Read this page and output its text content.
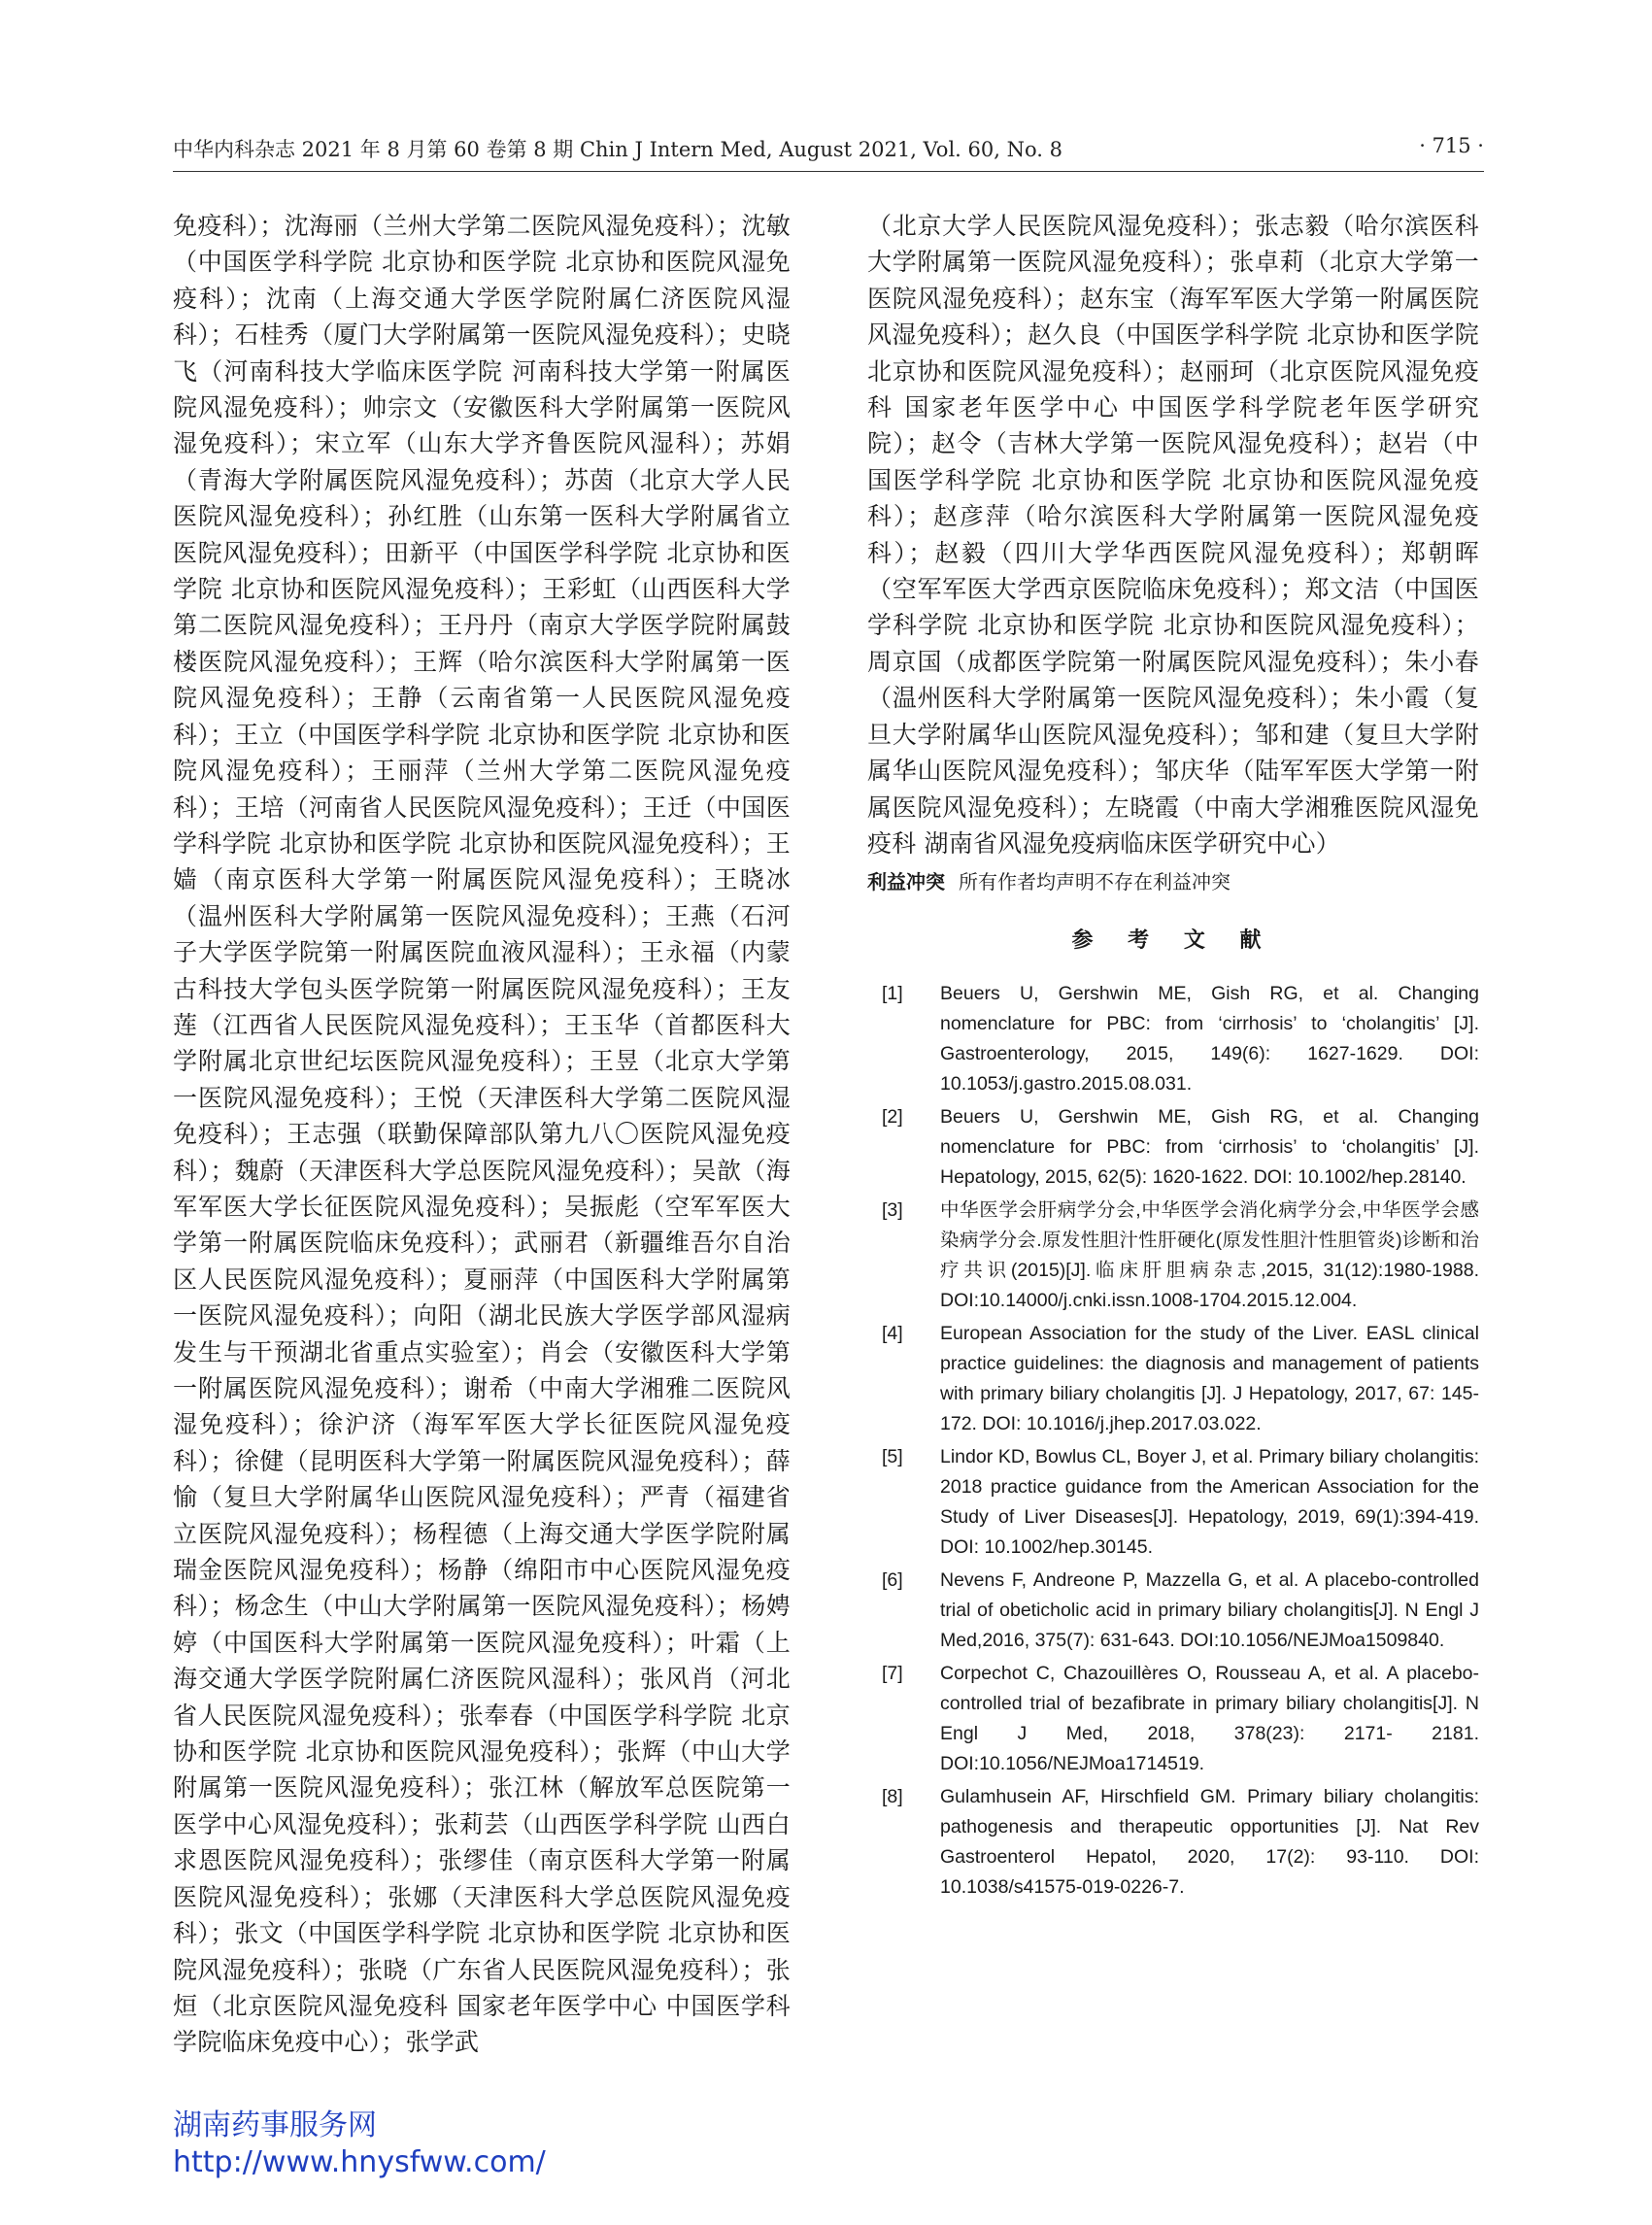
中华内科杂志 2021 年 8 月第 60 卷第 8 期 Chin J Intern Med, August 2021, Vol. 60, No. 8	· 715 ·
免疫科）；沈海丽（兰州大学第二医院风湿免疫科）；沈敏（中国医学科学院 北京协和医学院 北京协和医院风湿免疫科）；沈南（上海交通大学医学院附属仁济医院风湿科）；石桂秀（厦门大学附属第一医院风湿免疫科）；史晓飞（河南科技大学临床医学院 河南科技大学第一附属医院风湿免疫科）；帅宗文（安徽医科大学附属第一医院风湿免疫科）；宋立军（山东大学齐鲁医院风湿科）；苏娟（青海大学附属医院风湿免疫科）；苏茵（北京大学人民医院风湿免疫科）；孙红胜（山东第一医科大学附属省立医院风湿免疫科）；田新平（中国医学科学院 北京协和医学院 北京协和医院风湿免疫科）；王彩虹（山西医科大学第二医院风湿免疫科）；王丹丹（南京大学医学院附属鼓楼医院风湿免疫科）；王辉（哈尔滨医科大学附属第一医院风湿免疫科）；王静（云南省第一人民医院风湿免疫科）；王立（中国医学科学院 北京协和医学院 北京协和医院风湿免疫科）；王丽萍（兰州大学第二医院风湿免疫科）；王培（河南省人民医院风湿免疫科）；王迁（中国医学科学院 北京协和医学院 北京协和医院风湿免疫科）；王嫱（南京医科大学第一附属医院风湿免疫科）；王晓冰（温州医科大学附属第一医院风湿免疫科）；王燕（石河子大学医学院第一附属医院血液风湿科）；王永福（内蒙古科技大学包头医学院第一附属医院风湿免疫科）；王友莲（江西省人民医院风湿免疫科）；王玉华（首都医科大学附属北京世纪坛医院风湿免疫科）；王昱（北京大学第一医院风湿免疫科）；王悦（天津医科大学第二医院风湿免疫科）；王志强（联勤保障部队第九八〇医院风湿免疫科）；魏蔚（天津医科大学总医院风湿免疫科）；吴歆（海军军医大学长征医院风湿免疫科）；吴振彪（空军军医大学第一附属医院临床免疫科）；武丽君（新疆维吾尔自治区人民医院风湿免疫科）；夏丽萍（中国医科大学附属第一医院风湿免疫科）；向阳（湖北民族大学医学部风湿病发生与干预湖北省重点实验室）；肖会（安徽医科大学第一附属医院风湿免疫科）；谢希（中南大学湘雅二医院风湿免疫科）；徐沪济（海军军医大学长征医院风湿免疫科）；徐健（昆明医科大学第一附属医院风湿免疫科）；薛愉（复旦大学附属华山医院风湿免疫科）；严青（福建省立医院风湿免疫科）；杨程德（上海交通大学医学院附属瑞金医院风湿免疫科）；杨静（绵阳市中心医院风湿免疫科）；杨念生（中山大学附属第一医院风湿免疫科）；杨娉婷（中国医科大学附属第一医院风湿免疫科）；叶霜（上海交通大学医学院附属仁济医院风湿科）；张风肖（河北省人民医院风湿免疫科）；张奉春（中国医学科学院 北京协和医学院 北京协和医院风湿免疫科）；张辉（中山大学附属第一医院风湿免疫科）；张江林（解放军总医院第一医学中心风湿免疫科）；张莉芸（山西医学科学院 山西白求恩医院风湿免疫科）；张缪佳（南京医科大学第一附属医院风湿免疫科）；张娜（天津医科大学总医院风湿免疫科）；张文（中国医学科学院 北京协和医学院 北京协和医院风湿免疫科）；张晓（广东省人民医院风湿免疫科）；张烜（北京医院风湿免疫科 国家老年医学中心 中国医学科学院临床免疫中心）；张学武
（北京大学人民医院风湿免疫科）；张志毅（哈尔滨医科大学附属第一医院风湿免疫科）；张卓莉（北京大学第一医院风湿免疫科）；赵东宝（海军军医大学第一附属医院风湿免疫科）；赵久良（中国医学科学院 北京协和医学院 北京协和医院风湿免疫科）；赵丽珂（北京医院风湿免疫科 国家老年医学中心 中国医学科学院老年医学研究院）；赵令（吉林大学第一医院风湿免疫科）；赵岩（中国医学科学院 北京协和医学院 北京协和医院风湿免疫科）；赵彦萍（哈尔滨医科大学附属第一医院风湿免疫科）；赵毅（四川大学华西医院风湿免疫科）；郑朝晖（空军军医大学西京医院临床免疫科）；郑文洁（中国医学科学院 北京协和医学院 北京协和医院风湿免疫科）；周京国（成都医学院第一附属医院风湿免疫科）；朱小春（温州医科大学附属第一医院风湿免疫科）；朱小霞（复旦大学附属华山医院风湿免疫科）；邹和建（复旦大学附属华山医院风湿免疫科）；邹庆华（陆军军医大学第一附属医院风湿免疫科）；左晓霞（中南大学湘雅医院风湿免疫科 湖南省风湿免疫病临床医学研究中心）
利益冲突 所有作者均声明不存在利益冲突
参 考 文 献
[1] Beuers U, Gershwin ME, Gish RG, et al. Changing nomenclature for PBC: from ‘cirrhosis’ to ‘cholangitis’ [J]. Gastroenterology, 2015, 149(6): 1627-1629. DOI: 10.1053/j.gastro.2015.08.031.
[2] Beuers U, Gershwin ME, Gish RG, et al. Changing nomenclature for PBC: from ‘cirrhosis’ to ‘cholangitis’ [J]. Hepatology, 2015, 62(5): 1620-1622. DOI: 10.1002/hep.28140.
[3] 中华医学会肝病学分会,中华医学会消化病学分会,中华医学会感染病学分会.原发性胆汁性肝硬化(原发性胆汁性胆管炎)诊断和治疗共识(2015)[J].临床肝胆病杂志,2015, 31(12):1980-1988. DOI:10.14000/j.cnki.issn.1008-1704.2015.12.004.
[4] European Association for the study of the Liver. EASL clinical practice guidelines: the diagnosis and management of patients with primary biliary cholangitis [J]. J Hepatology, 2017, 67: 145-172. DOI: 10.1016/j.jhep.2017.03.022.
[5] Lindor KD, Bowlus CL, Boyer J, et al. Primary biliary cholangitis: 2018 practice guidance from the American Association for the Study of Liver Diseases[J]. Hepatology, 2019, 69(1):394-419. DOI: 10.1002/hep.30145.
[6] Nevens F, Andreone P, Mazzella G, et al. A placebo-controlled trial of obeticholic acid in primary biliary cholangitis[J]. N Engl J Med,2016, 375(7): 631-643. DOI:10.1056/NEJMoa1509840.
[7] Corpechot C, Chazouillères O, Rousseau A, et al. A placebo-controlled trial of bezafibrate in primary biliary cholangitis[J]. N Engl J Med, 2018, 378(23): 2171- 2181. DOI:10.1056/NEJMoa1714519.
[8] Gulamhusein AF, Hirschfield GM. Primary biliary cholangitis: pathogenesis and therapeutic opportunities [J]. Nat Rev Gastroenterol Hepatol, 2020, 17(2): 93-110. DOI: 10.1038/s41575-019-0226-7.
湖南药事服务网
http://www.hnysfww.com/
